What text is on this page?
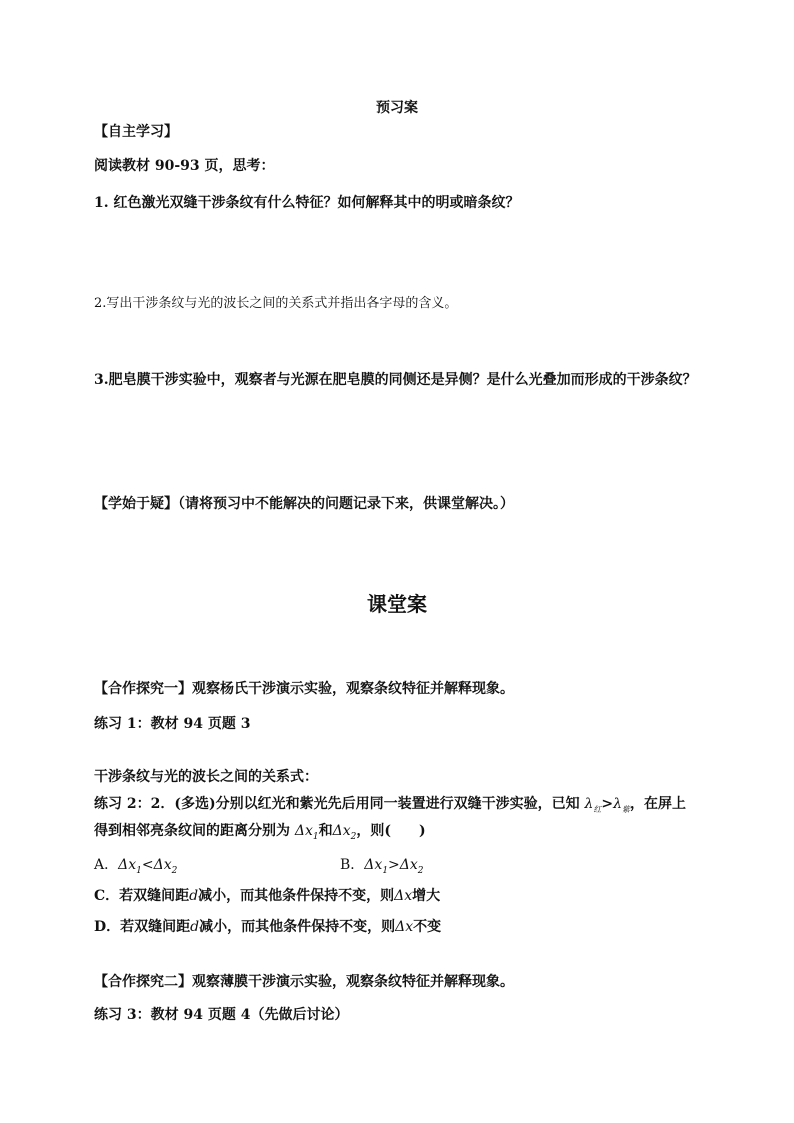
预习案
【自主学习】
阅读教材 90-93 页，思考：
1. 红色激光双缝干涉条纹有什么特征？如何解释其中的明或暗条纹？
2.写出干涉条纹与光的波长之间的关系式并指出各字母的含义。
3.肥皂膜干涉实验中，观察者与光源在肥皂膜的同侧还是异侧？是什么光叠加而形成的干涉条纹？
【学始于疑】（请将预习中不能解决的问题记录下来，供课堂解决。）
课堂案
【合作探究一】观察杨氏干涉演示实验，观察条纹特征并解释现象。
练习 1：教材 94 页题 3
干涉条纹与光的波长之间的关系式：
练习 2：2．(多选)分别以红光和紫光先后用同一装置进行双缝干涉实验，已知 $\lambda_红>\lambda_紫$，在屏上
得到相邻亮条纹间的距离分别为 $\Delta x_1$和$\Delta x_2$，则(　　)
A．$\Delta x_1<\Delta x_2$	B．$\Delta x_1>\Delta x_2$
C．若双缝间距d减小，而其他条件保持不变，则Δx增大
D．若双缝间距d减小，而其他条件保持不变，则Δx不变
【合作探究二】观察薄膜干涉演示实验，观察条纹特征并解释现象。
练习 3：教材 94 页题 4（先做后讨论）
